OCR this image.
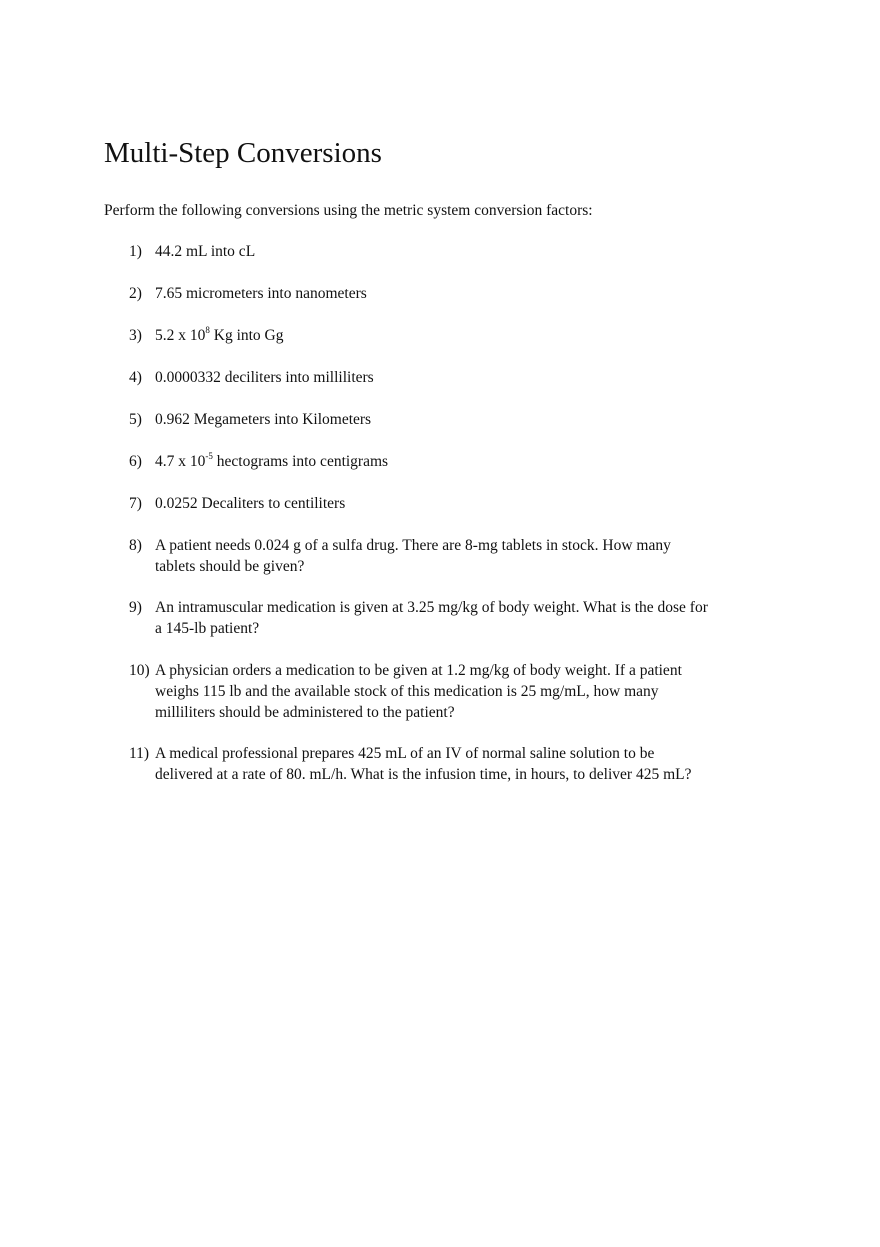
Multi-Step Conversions
Perform the following conversions using the metric system conversion factors:
1) 44.2 mL into cL
2) 7.65 micrometers into nanometers
3) 5.2 x $10^8$ Kg into Gg
4) 0.0000332 deciliters into milliliters
5) 0.962 Megameters into Kilometers
6) 4.7 x $10^{-5}$ hectograms into centigrams
7) 0.0252 Decaliters to centiliters
8) A patient needs 0.024 g of a sulfa drug. There are 8-mg tablets in stock. How many
tablets should be given?
9) An intramuscular medication is given at 3.25 mg/kg of body weight. What is the dose for
a 145-lb patient?
10) A physician orders a medication to be given at 1.2 mg/kg of body weight. If a patient
weighs 115 lb and the available stock of this medication is 25 mg/mL, how many
milliliters should be administered to the patient?
11) A medical professional prepares 425 mL of an IV of normal saline solution to be
delivered at a rate of 80. mL/h. What is the infusion time, in hours, to deliver 425 mL?
